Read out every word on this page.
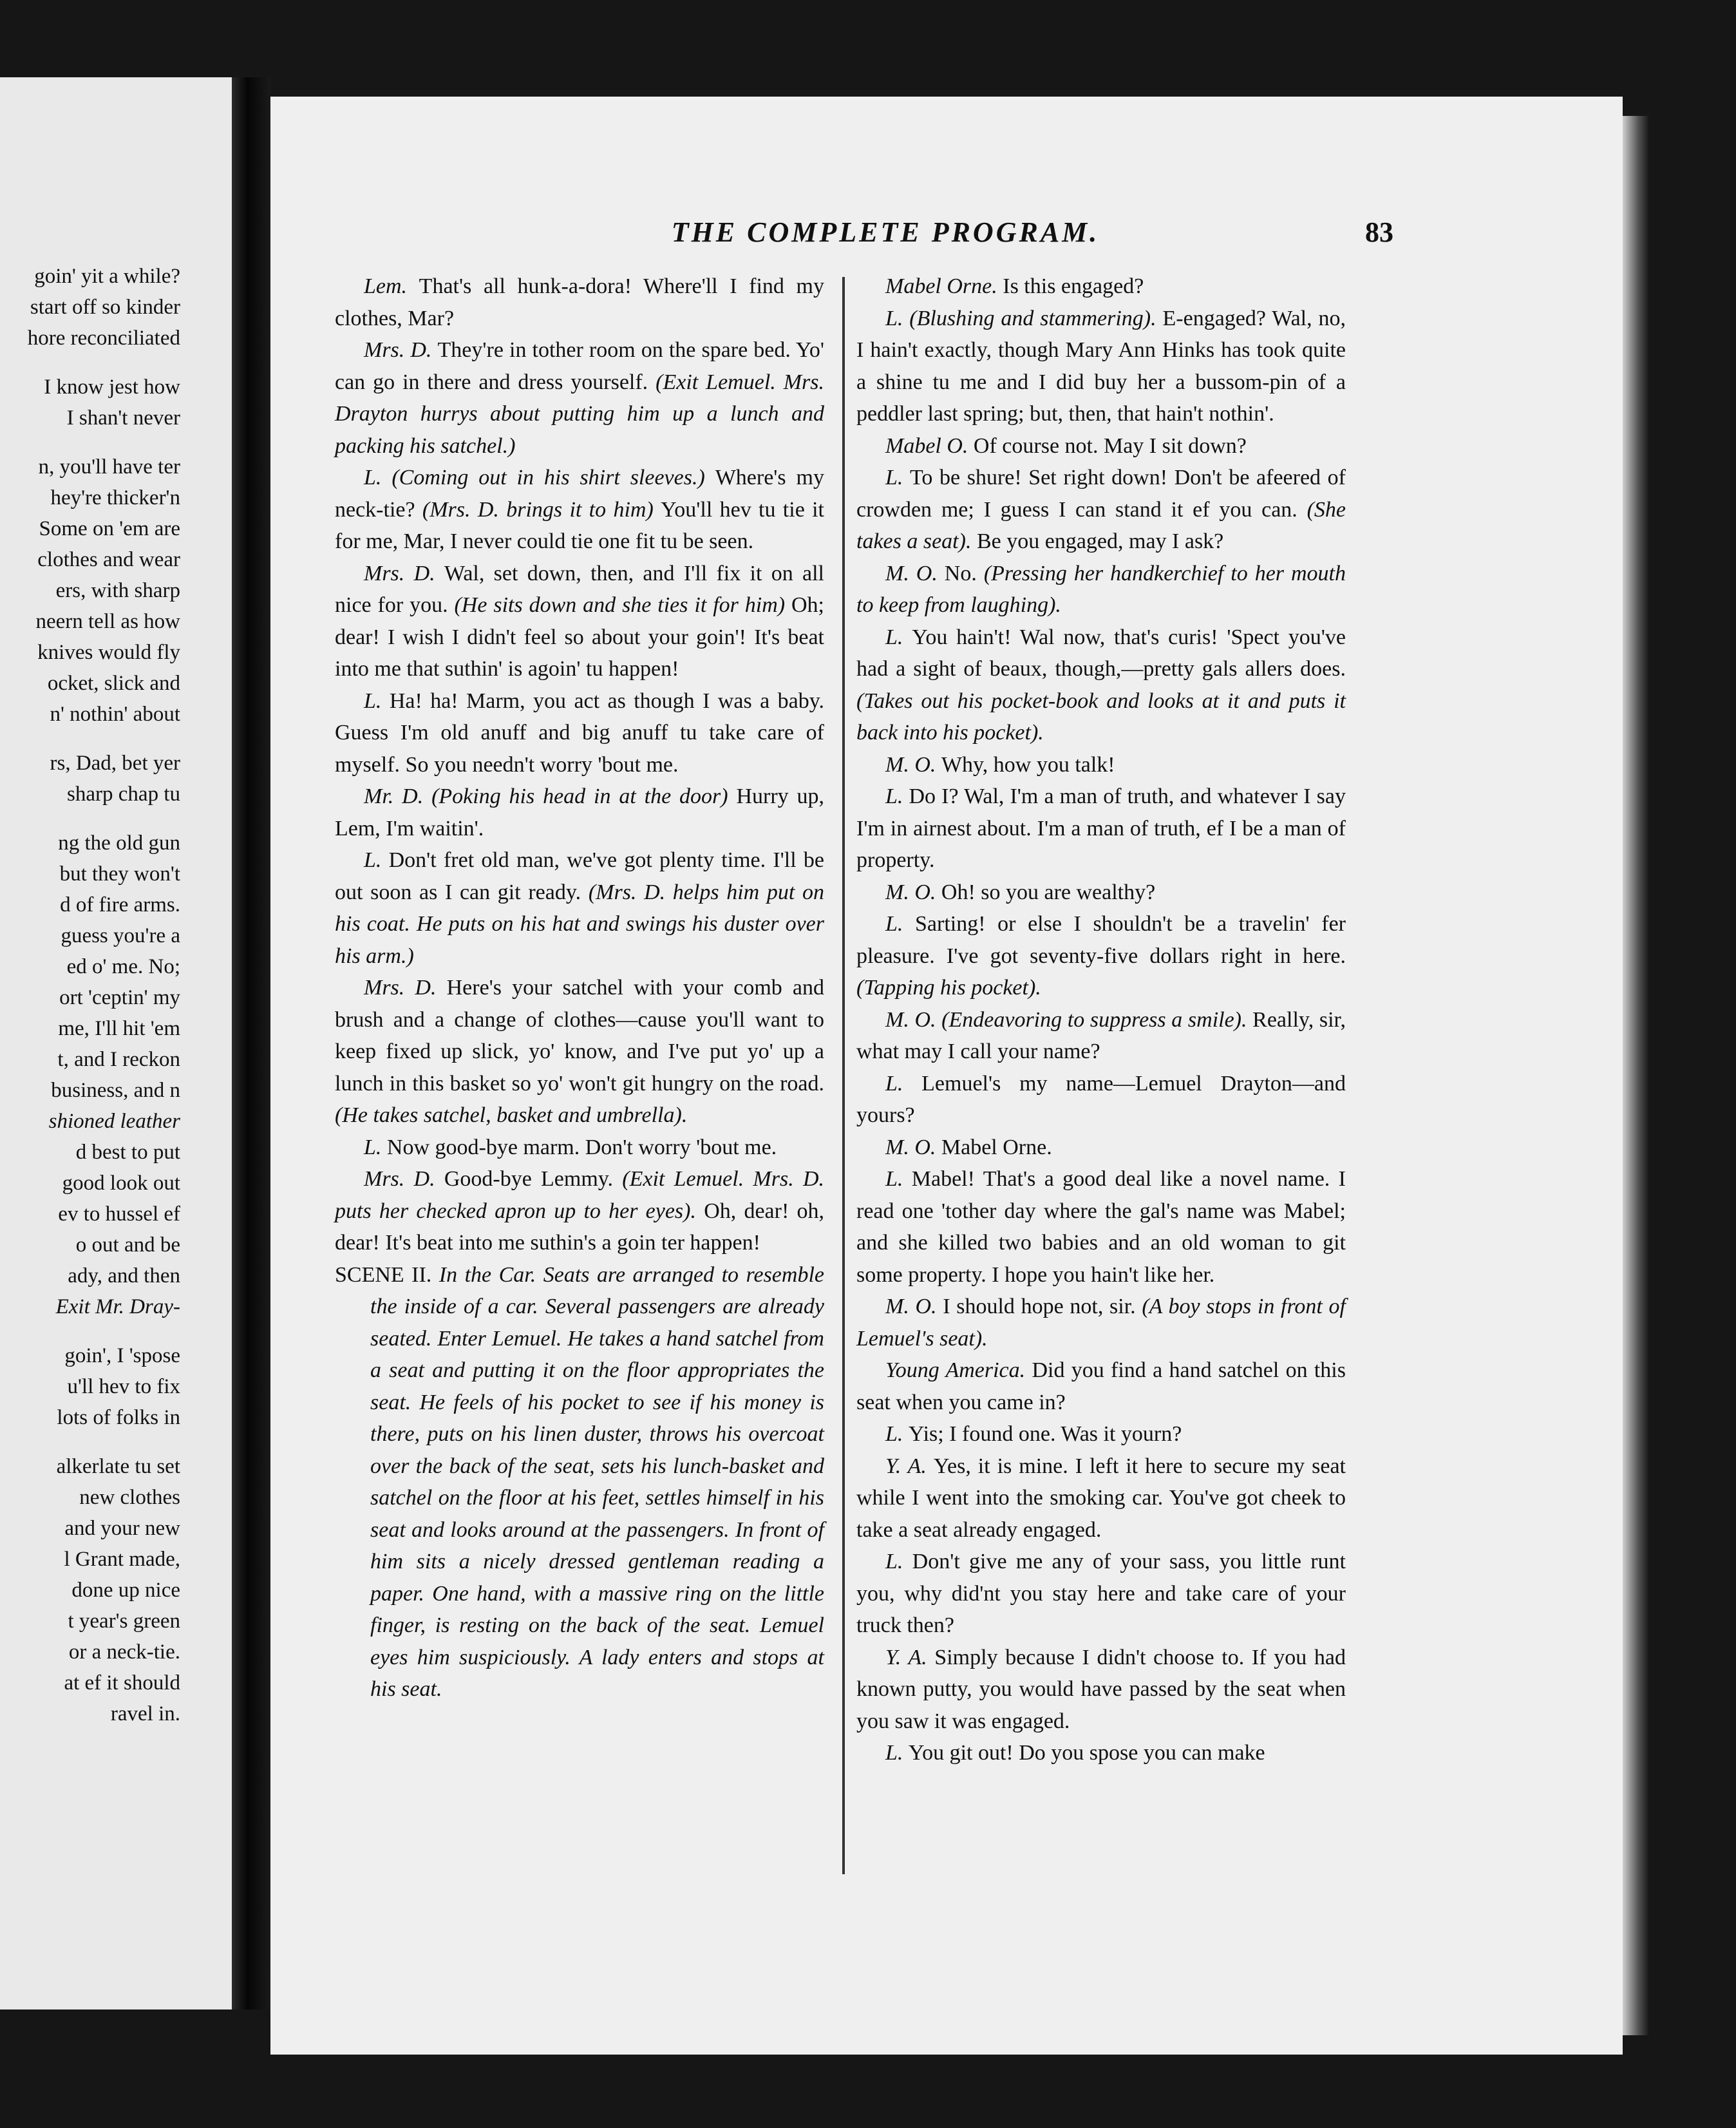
goin' yit a while?
start off so kinder
hore reconciliated
I know jest how
I shan't never
n, you'll have ter
hey're thicker'n
Some on 'em are
clothes and wear
ers, with sharp
neern tell as how
knives would fly
ocket, slick and
n' nothin' about
rs, Dad, bet yer
sharp chap tu
ng the old gun
but they won't
d of fire arms.
guess you're a
ed o' me. No;
ort 'ceptin' my
me, I'll hit 'em
t, and I reckon
business, and n
shioned leather
d best to put
good look out
ev to hussel ef
o out and be
ady, and then
Exit Mr. Dray-
goin', I 'spose
u'll hev to fix
lots of folks in
alkerlate tu set
new clothes
and your new
l Grant made,
done up nice
t year's green
or a neck-tie.
at ef it should
ravel in.
THE COMPLETE PROGRAM.	83

Lem. That's all hunk-a-dora! Where'll I find my clothes, Mar?

Mrs. D. They're in tother room on the spare bed. Yo' can go in there and dress yourself. (Exit Lemuel. Mrs. Drayton hurrys about putting him up a lunch and packing his satchel.)

L. (Coming out in his shirt sleeves.) Where's my neck-tie? (Mrs. D. brings it to him) You'll hev tu tie it for me, Mar, I never could tie one fit tu be seen.

Mrs. D. Wal, set down, then, and I'll fix it on all nice for you. (He sits down and she ties it for him) Oh; dear! I wish I didn't feel so about your goin'! It's beat into me that suthin' is agoin' tu happen!

L. Ha! ha! Marm, you act as though I was a baby. Guess I'm old anuff and big anuff tu take care of myself. So you needn't worry 'bout me.

Mr. D. (Poking his head in at the door) Hurry up, Lem, I'm waitin'.

L. Don't fret old man, we've got plenty time. I'll be out soon as I can git ready. (Mrs. D. helps him put on his coat. He puts on his hat and swings his duster over his arm.)

Mrs. D. Here's your satchel with your comb and brush and a change of clothes—cause you'll want to keep fixed up slick, yo' know, and I've put yo' up a lunch in this basket so yo' won't git hungry on the road. (He takes satchel, basket and umbrella).

L. Now good-bye marm. Don't worry 'bout me.

Mrs. D. Good-bye Lemmy. (Exit Lemuel. Mrs. D. puts her checked apron up to her eyes). Oh, dear! oh, dear! It's beat into me suthin's a goin ter happen!

SCENE II. In the Car. Seats are arranged to resemble the inside of a car. Several passengers are already seated. Enter Lemuel. He takes a hand satchel from a seat and putting it on the floor appropriates the seat. He feels of his pocket to see if his money is there, puts on his linen duster, throws his overcoat over the back of the seat, sets his lunch-basket and satchel on the floor at his feet, settles himself in his seat and looks around at the passengers. In front of him sits a nicely dressed gentleman reading a paper. One hand, with a massive ring on the little finger, is resting on the back of the seat. Lemuel eyes him suspiciously. A lady enters and stops at his seat.

Mabel Orne. Is this engaged?

L. (Blushing and stammering). E-engaged? Wal, no, I hain't exactly, though Mary Ann Hinks has took quite a shine tu me and I did buy her a bussom-pin of a peddler last spring; but, then, that hain't nothin'.

Mabel O. Of course not. May I sit down?

L. To be shure! Set right down! Don't be afeered of crowden me; I guess I can stand it ef you can. (She takes a seat). Be you engaged, may I ask?

M. O. No. (Pressing her handkerchief to her mouth to keep from laughing).

L. You hain't! Wal now, that's curis! 'Spect you've had a sight of beaux, though,—pretty gals allers does. (Takes out his pocket-book and looks at it and puts it back into his pocket).

M. O. Why, how you talk!

L. Do I? Wal, I'm a man of truth, and whatever I say I'm in airnest about. I'm a man of truth, ef I be a man of property.

M. O. Oh! so you are wealthy?

L. Sarting! or else I shouldn't be a travelin' fer pleasure. I've got seventy-five dollars right in here. (Tapping his pocket).

M. O. (Endeavoring to suppress a smile). Really, sir, what may I call your name?

L. Lemuel's my name—Lemuel Drayton—and yours?

M. O. Mabel Orne.

L. Mabel! That's a good deal like a novel name. I read one 'tother day where the gal's name was Mabel; and she killed two babies and an old woman to git some property. I hope you hain't like her.

M. O. I should hope not, sir. (A boy stops in front of Lemuel's seat).

Young America. Did you find a hand satchel on this seat when you came in?

L. Yis; I found one. Was it yourn?

Y. A. Yes, it is mine. I left it here to secure my seat while I went into the smoking car. You've got cheek to take a seat already engaged.

L. Don't give me any of your sass, you little runt you, why did'nt you stay here and take care of your truck then?

Y. A. Simply because I didn't choose to. If you had known putty, you would have passed by the seat when you saw it was engaged.

L. You git out! Do you spose you can make
